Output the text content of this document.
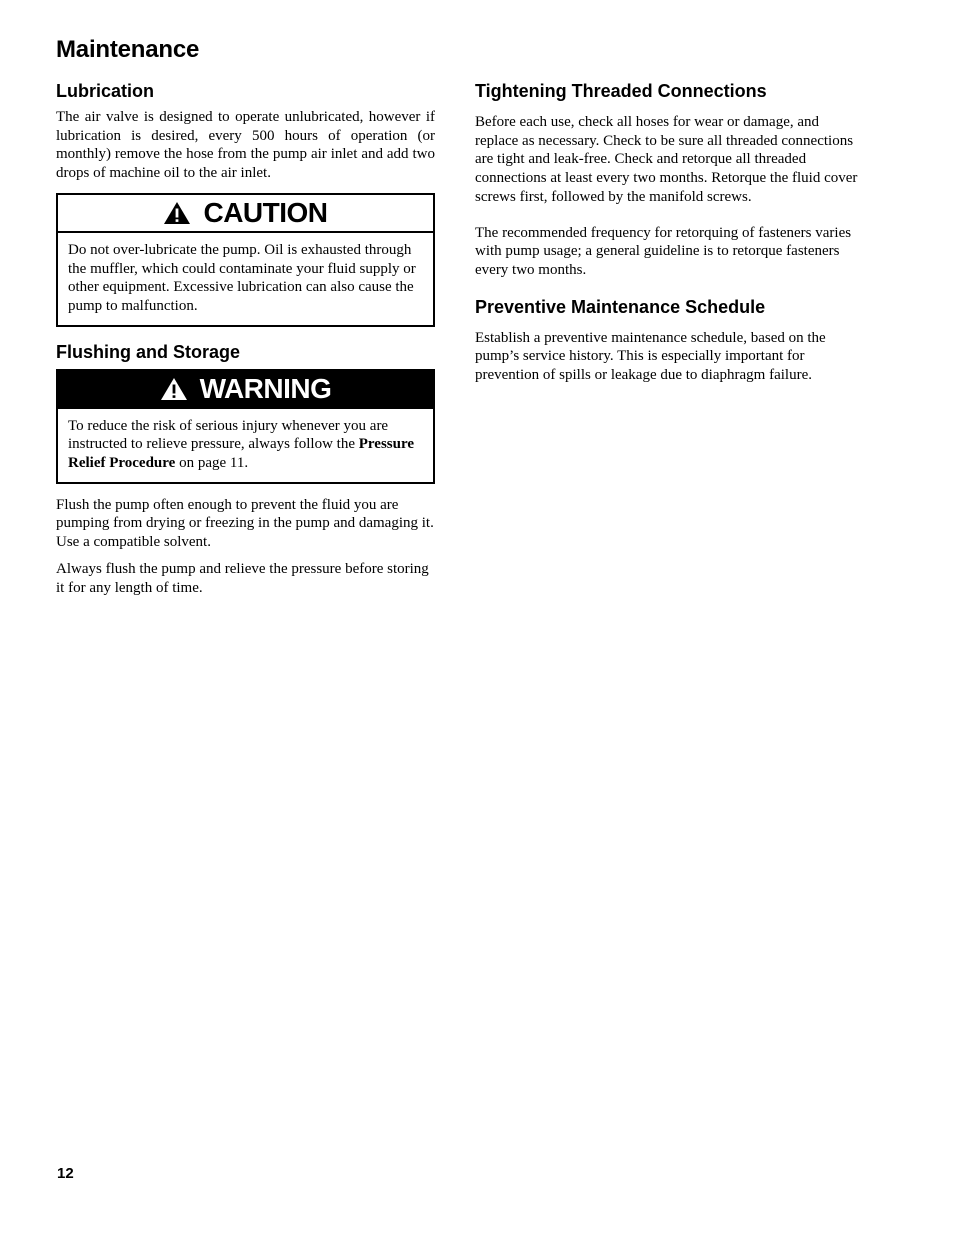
Maintenance
Lubrication

The air valve is designed to operate unlubricated, however if lubrication is desired, every 500 hours of operation (or monthly) remove the hose from the pump air inlet and add two drops of machine oil to the air inlet.

CAUTION

Do not over-lubricate the pump. Oil is exhausted through the muffler, which could contaminate your fluid supply or other equipment. Excessive lubrication can also cause the pump to malfunction.

Flushing and Storage
WARNING

To reduce the risk of serious injury whenever you are instructed to relieve pressure, always follow the Pressure Relief Procedure on page 11.

Flush the pump often enough to prevent the fluid you are pumping from drying or freezing in the pump and damaging it. Use a compatible solvent.

Always flush the pump and relieve the pressure before storing it for any length of time.

Tightening Threaded Connections

Before each use, check all hoses for wear or damage, and replace as necessary. Check to be sure all threaded connections are tight and leak-free. Check and retorque all threaded connections at least every two months. Retorque the fluid cover screws first, followed by the manifold screws.

The recommended frequency for retorquing of fasteners varies with pump usage; a general guideline is to retorque fasteners every two months.

Preventive Maintenance Schedule

Establish a preventive maintenance schedule, based on the pump’s service history. This is especially important for prevention of spills or leakage due to diaphragm failure.

12
